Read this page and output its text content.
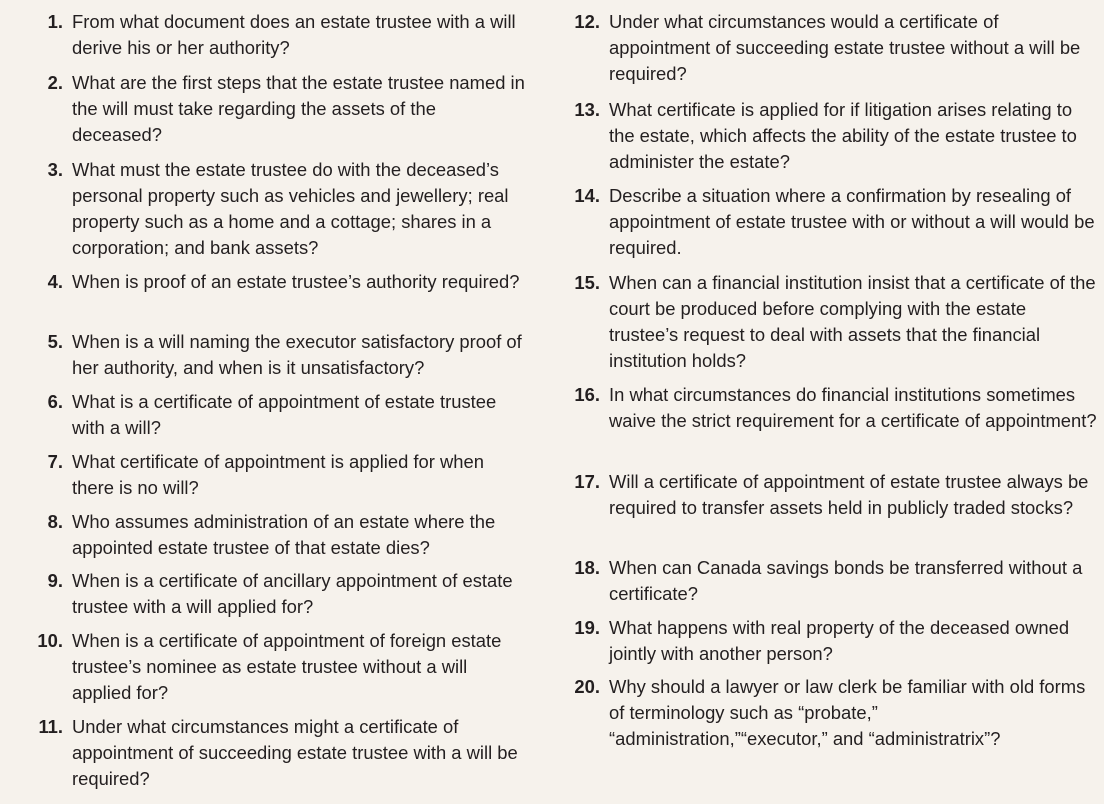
1. From what document does an estate trustee with a will derive his or her authority?
2. What are the first steps that the estate trustee named in the will must take regarding the assets of the deceased?
3. What must the estate trustee do with the deceased’s personal property such as vehicles and jewellery; real property such as a home and a cottage; shares in a corporation; and bank assets?
4. When is proof of an estate trustee’s authority required?
5. When is a will naming the executor satisfactory proof of her authority, and when is it unsatisfactory?
6. What is a certificate of appointment of estate trustee with a will?
7. What certificate of appointment is applied for when there is no will?
8. Who assumes administration of an estate where the appointed estate trustee of that estate dies?
9. When is a certificate of ancillary appointment of estate trustee with a will applied for?
10. When is a certificate of appointment of foreign estate trustee’s nominee as estate trustee without a will applied for?
11. Under what circumstances might a certificate of appointment of succeeding estate trustee with a will be required?
12. Under what circumstances would a certificate of appointment of succeeding estate trustee without a will be required?
13. What certificate is applied for if litigation arises relating to the estate, which affects the ability of the estate trustee to administer the estate?
14. Describe a situation where a confirmation by resealing of appointment of estate trustee with or without a will would be required.
15. When can a financial institution insist that a certificate of the court be produced before complying with the estate trustee’s request to deal with assets that the financial institution holds?
16. In what circumstances do financial institutions sometimes waive the strict requirement for a certificate of appointment?
17. Will a certificate of appointment of estate trustee always be required to transfer assets held in publicly traded stocks?
18. When can Canada savings bonds be transferred without a certificate?
19. What happens with real property of the deceased owned jointly with another person?
20. Why should a lawyer or law clerk be familiar with old forms of terminology such as “probate,” “administration,”“executor,” and “administratrix”?
